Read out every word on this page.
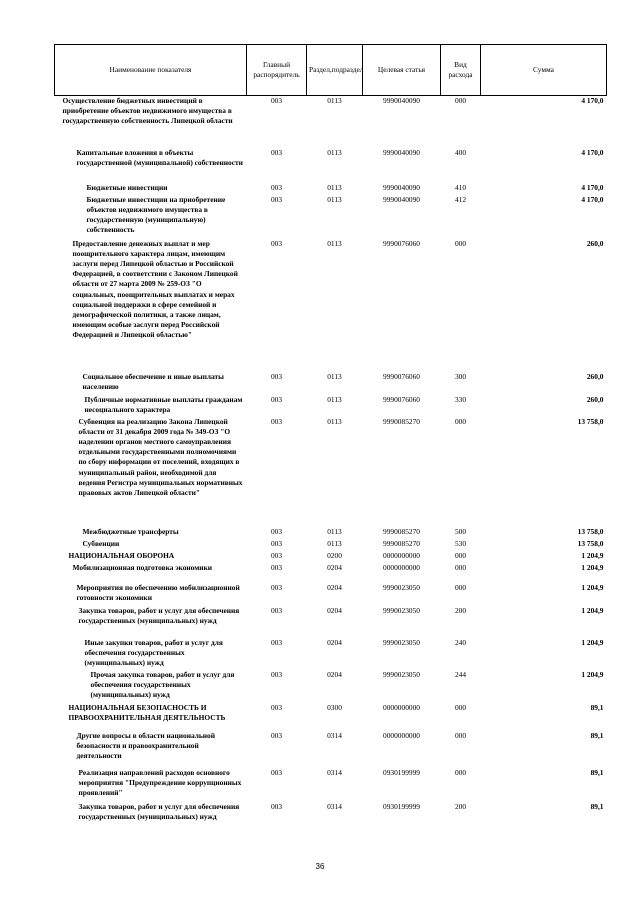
Наименование показателя	Главный распорядитель	Раздел,подраздел	Целевая статья	Вид расхода	Сумма
Осуществление бюджетных инвестиций в приобретение объектов недвижимого имущества в государственную собственность Липецкой области	003	0113	9990040090	000	4 170,0
Капитальные вложения в объекты государственной (муниципальной) собственности	003	0113	9990040090	400	4 170,0
Бюджетные инвестиции	003	0113	9990040090	410	4 170,0
Бюджетные инвестиции на приобретение объектов недвижимого имущества в государственную (муниципальную) собственность	003	0113	9990040090	412	4 170,0
Предоставление денежных выплат и мер поощрительного характера лицам, имеющим заслуги перед Липецкой областью и Российской Федерацией, в соответствии с Законом Липецкой области от 27 марта 2009 № 259-ОЗ "О социальных, поощрительных выплатах и мерах социальной поддержки в сфере семейной и демографической политики, а также лицам, имеющим особые заслуги перед Российской Федерацией и Липецкой областью"	003	0113	9990076060	000	260,0
Социальное обеспечение и иные выплаты населению	003	0113	9990076060	300	260,0
Публичные нормативные выплаты гражданам несоциального характера	003	0113	9990076060	330	260,0
Субвенция на реализацию Закона Липецкой области от 31 декабря 2009 года № 349-ОЗ "О наделении органов местного самоуправления отдельными государственными полномочиями по сбору информации от поселений, входящих в муниципальный район, необходимой для ведения Регистра муниципальных нормативных правовых актов Липецкой области"	003	0113	9990085270	000	13 758,0
Межбюджетные трансферты	003	0113	9990085270	500	13 758,0
Субвенции	003	0113	9990085270	530	13 758,0
НАЦИОНАЛЬНАЯ ОБОРОНА	003	0200	0000000000	000	1 204,9
Мобилизационная подготовка экономики	003	0204	0000000000	000	1 204,9
Мероприятия по обеспечению мобилизационной готовности экономики	003	0204	9990023050	000	1 204,9
Закупка товаров, работ и услуг для обеспечения государственных (муниципальных) нужд	003	0204	9990023050	200	1 204,9
Иные закупки товаров, работ и услуг для обеспечения государственных (муниципальных) нужд	003	0204	9990023050	240	1 204,9
Прочая закупка товаров, работ и услуг для обеспечения государственных (муниципальных) нужд	003	0204	9990023050	244	1 204,9
НАЦИОНАЛЬНАЯ БЕЗОПАСНОСТЬ И ПРАВООХРАНИТЕЛЬНАЯ ДЕЯТЕЛЬНОСТЬ	003	0300	0000000000	000	89,1
Другие вопросы в области национальной безопасности и правоохранительной деятельности	003	0314	0000000000	000	89,1
Реализация направлений расходов основного мероприятия "Предупреждение коррупционных проявлений"	003	0314	0930199999	000	89,1
Закупка товаров, работ и услуг для обеспечения государственных (муниципальных) нужд	003	0314	0930199999	200	89,1
36
